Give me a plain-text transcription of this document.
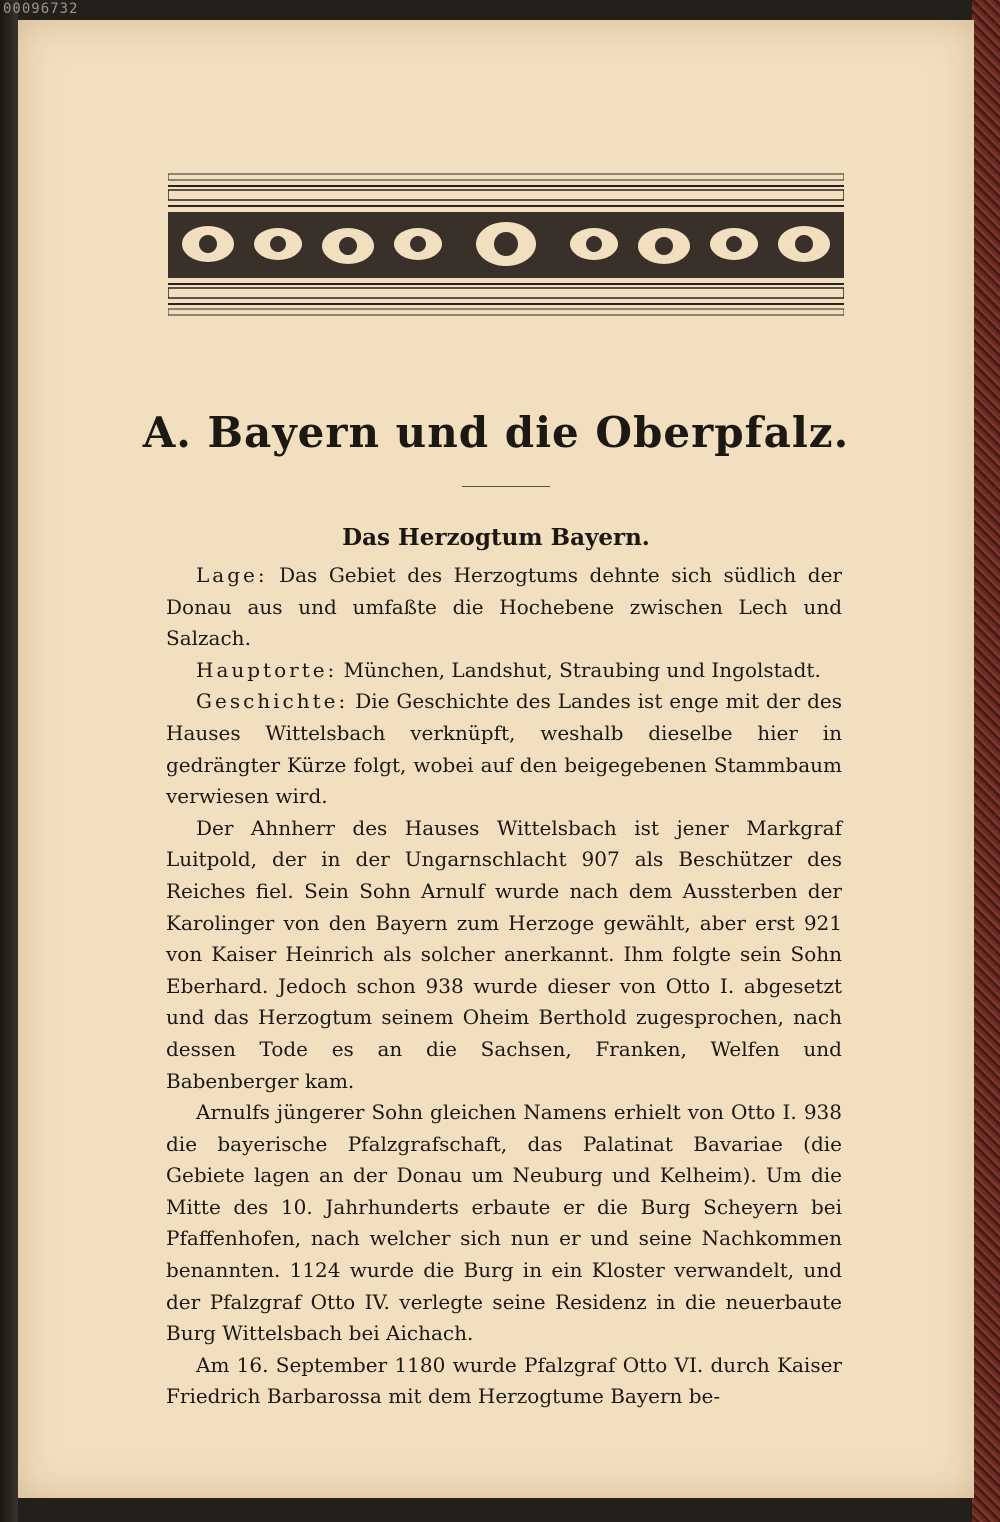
00096732
A. Bayern und die Oberpfalz.
Das Herzogtum Bayern.

Lage: Das Gebiet des Herzogtums dehnte sich südlich der Donau aus und umfaßte die Hochebene zwischen Lech und Salzach.

Hauptorte: München, Landshut, Straubing und Ingolstadt.

Geschichte: Die Geschichte des Landes ist enge mit der des Hauses Wittelsbach verknüpft, weshalb dieselbe hier in gedrängter Kürze folgt, wobei auf den beigegebenen Stammbaum verwiesen wird.

Der Ahnherr des Hauses Wittelsbach ist jener Markgraf Luitpold, der in der Ungarnschlacht 907 als Beschützer des Reiches fiel. Sein Sohn Arnulf wurde nach dem Aussterben der Karolinger von den Bayern zum Herzoge gewählt, aber erst 921 von Kaiser Heinrich als solcher anerkannt. Ihm folgte sein Sohn Eberhard. Jedoch schon 938 wurde dieser von Otto I. abgesetzt und das Herzogtum seinem Oheim Berthold zugesprochen, nach dessen Tode es an die Sachsen, Franken, Welfen und Babenberger kam.

Arnulfs jüngerer Sohn gleichen Namens erhielt von Otto I. 938 die bayerische Pfalzgrafschaft, das Palatinat Bavariae (die Gebiete lagen an der Donau um Neuburg und Kelheim). Um die Mitte des 10. Jahrhunderts erbaute er die Burg Scheyern bei Pfaffenhofen, nach welcher sich nun er und seine Nachkommen benannten. 1124 wurde die Burg in ein Kloster verwandelt, und der Pfalzgraf Otto IV. verlegte seine Residenz in die neuerbaute Burg Wittelsbach bei Aichach.

Am 16. September 1180 wurde Pfalzgraf Otto VI. durch Kaiser Friedrich Barbarossa mit dem Herzogtume Bayern be-
